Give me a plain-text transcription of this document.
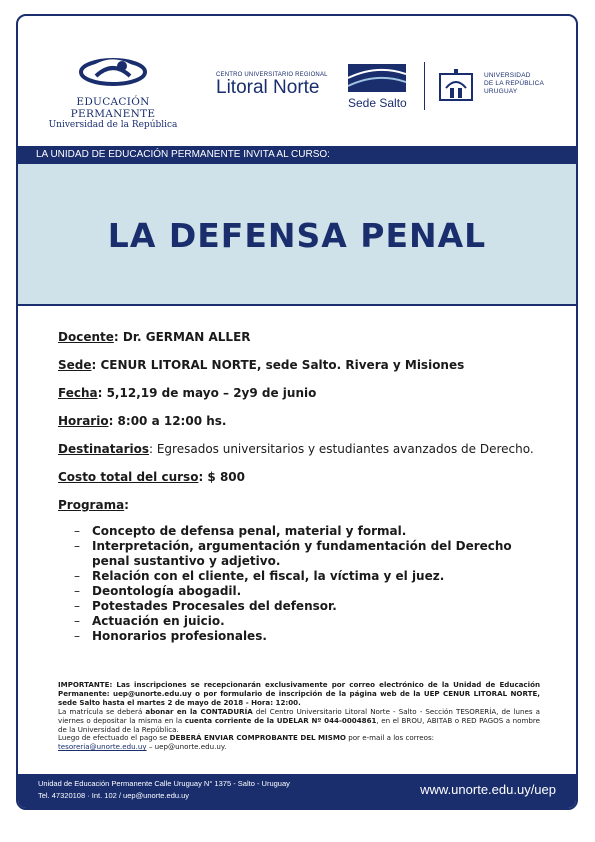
EDUCACIÓN PERMANENTE
Universidad de la República
CENTRO UNIVERSITARIO REGIONAL
Litoral Norte
Sede Salto
UNIVERSIDAD
DE LA REPÚBLICA
URUGUAY
LA UNIDAD DE EDUCACIÓN PERMANENTE INVITA AL CURSO:
LA DEFENSA PENAL
Docente: Dr. GERMAN ALLER
Sede: CENUR LITORAL NORTE, sede Salto. Rivera y Misiones
Fecha: 5,12,19 de mayo – 2y9 de junio
Horario: 8:00 a 12:00 hs.
Destinatarios: Egresados universitarios y estudiantes avanzados de Derecho.
Costo total del curso: $ 800
Programa:
– Concepto de defensa penal, material y formal.
– Interpretación, argumentación y fundamentación del Derecho penal sustantivo y adjetivo.
– Relación con el cliente, el fiscal, la víctima y el juez.
– Deontología abogadil.
– Potestades Procesales del defensor.
– Actuación en juicio.
– Honorarios profesionales.
IMPORTANTE: Las inscripciones se recepcionarán exclusivamente por correo electrónico de la Unidad de Educación Permanente: uep@unorte.edu.uy o por formulario de inscripción de la página web de la UEP CENUR LITORAL NORTE, sede Salto hasta el martes 2 de mayo de 2018 - Hora: 12:00.
La matrícula se deberá abonar en la CONTADURÍA del Centro Universitario Litoral Norte - Salto - Sección TESORERÍA, de lunes a viernes o depositar la misma en la cuenta corriente de la UDELAR Nº 044-0004861, en el BROU, ABITAB o RED PAGOS a nombre de la Universidad de la República.
Luego de efectuado el pago se DEBERÁ ENVIAR COMPROBANTE DEL MISMO por e-mail a los correos:
tesoreria@unorte.edu.uy – uep@unorte.edu.uy.
Unidad de Educación Permanente Calle Uruguay N° 1375 - Salto - Uruguay
Tel. 47320108 · Int. 102 / uep@unorte.edu.uy	www.unorte.edu.uy/uep
